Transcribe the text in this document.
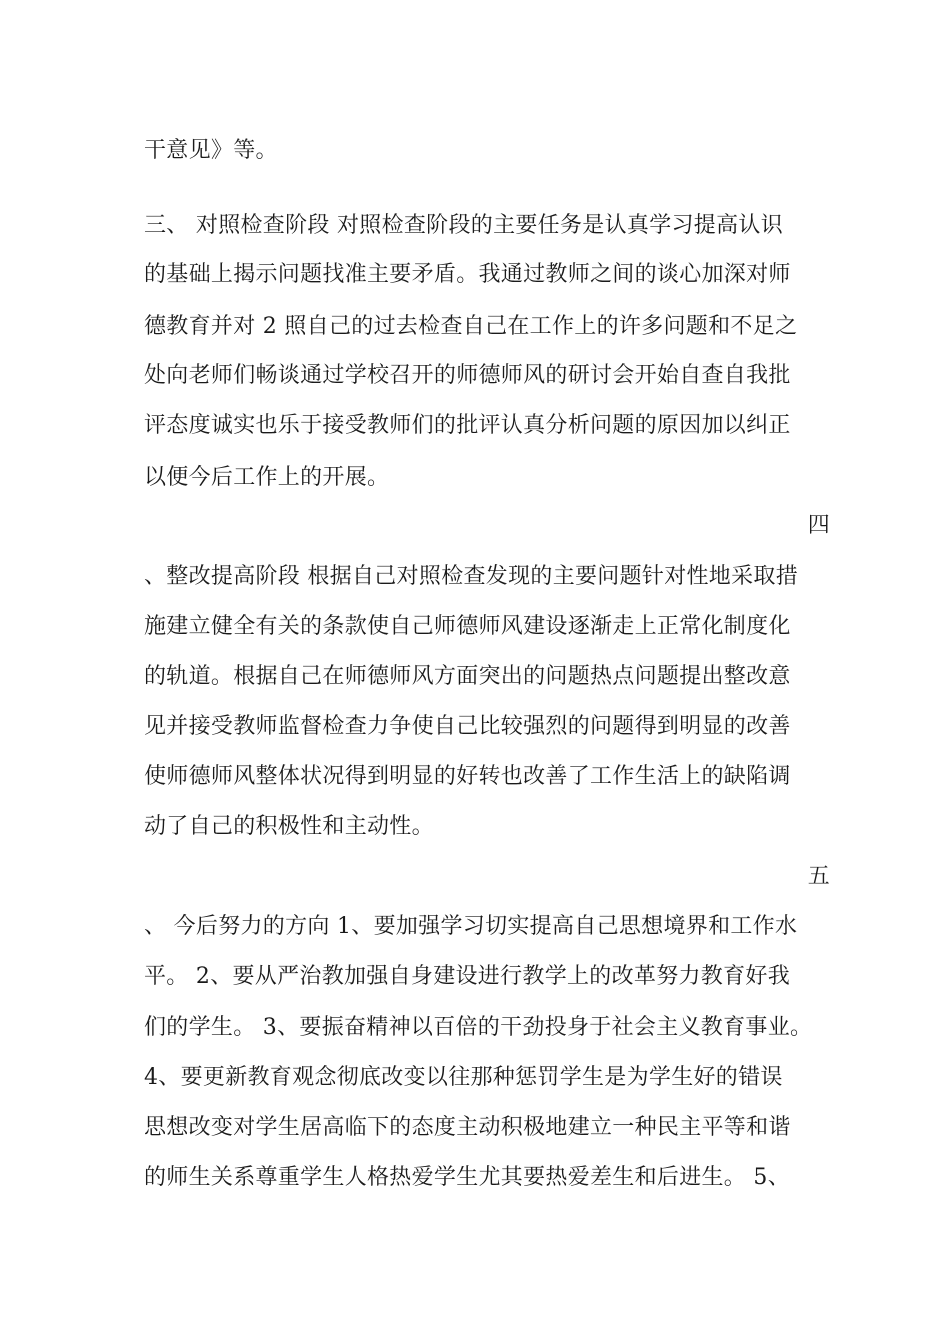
干意见》等。
三、 对照检查阶段 对照检查阶段的主要任务是认真学习提高认识
的基础上揭示问题找准主要矛盾。我通过教师之间的谈心加深对师
德教育并对 2 照自己的过去检查自己在工作上的许多问题和不足之
处向老师们畅谈通过学校召开的师德师风的研讨会开始自查自我批
评态度诚实也乐于接受教师们的批评认真分析问题的原因加以纠正
以便今后工作上的开展。
四
、整改提高阶段 根据自己对照检查发现的主要问题针对性地采取措
施建立健全有关的条款使自己师德师风建设逐渐走上正常化制度化
的轨道。根据自己在师德师风方面突出的问题热点问题提出整改意
见并接受教师监督检查力争使自己比较强烈的问题得到明显的改善
使师德师风整体状况得到明显的好转也改善了工作生活上的缺陷调
动了自己的积极性和主动性。
五
、 今后努力的方向 1、要加强学习切实提高自己思想境界和工作水
平。 2、要从严治教加强自身建设进行教学上的改革努力教育好我
们的学生。 3、要振奋精神以百倍的干劲投身于社会主义教育事业。
4、要更新教育观念彻底改变以往那种惩罚学生是为学生好的错误
思想改变对学生居高临下的态度主动积极地建立一种民主平等和谐
的师生关系尊重学生人格热爱学生尤其要热爱差生和后进生。 5、
